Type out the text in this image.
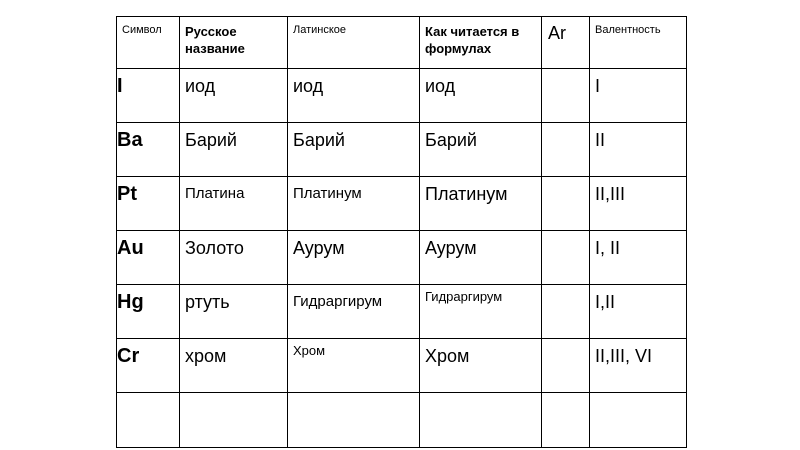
Символ	Русское название	Латинское	Как читается в формулах	Ar	Валентность

I	иод	иод	иод		I

Ba	Барий	Барий	Барий		II

Pt	Платина	Платинум	Платинум		II,III

Au	Золото	Аурум	Аурум		I, II

Hg	ртуть	Гидраргирум	Гидраргирум		I,II

Cr	хром	Хром	Хром		II,III, VI
